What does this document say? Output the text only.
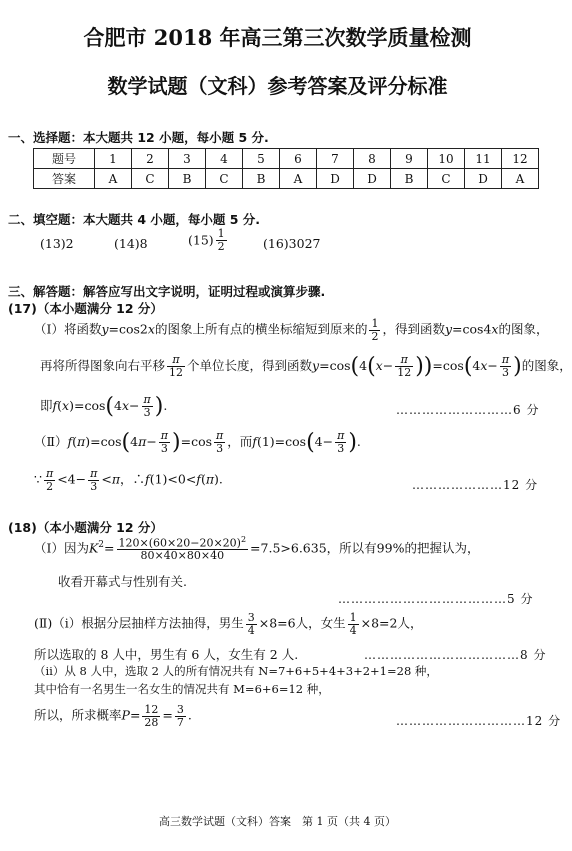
合肥市 2018 年高三第三次数学质量检测
数学试题（文科）参考答案及评分标准
一、选择题：本大题共 12 小题，每小题 5 分.
题号	1	2	3	4	5	6	7	8	9	10	11	12
答案	A	C	B	C	B	A	D	D	B	C	D	A
二、填空题：本大题共 4 小题，每小题 5 分.
(13)2	(14)8	$(15) \frac{1}{2}$	(16)3027
三、解答题：解答应写出文字说明，证明过程或演算步骤.
(17)（本小题满分 12 分）
（Ⅰ）将函数y=cos2x的图象上所有点的横坐标缩短到原来的 $\frac{1}{2}$ ，得到函数y=cos4x的图象，
再将所得图象向右平移 $\frac{\pi}{12}$ 个单位长度，得到函数$y=\cos(4(x- \frac{\pi}{12} ))=\cos(4x- \frac{\pi}{3}$ )的图象，
即$f(x)=\cos(4x- \frac{\pi}{3}$ ).	………………………6 分
（Ⅱ）f(π)=cos(4π− $\frac{\pi}{3} )=\cos \frac{\pi}{3}$ ，而$f(1)=\cos(4- \frac{\pi}{3}$ ).
∵ $\frac{\pi}{2} <4- \frac{\pi}{3} <\pi$，∴f(1)<0<f(π).	…………………12 分
(18)（本小题满分 12 分）
（Ⅰ）因为$K^2= \frac{120\times(60\times 20-20\times 20)^2}{80\times 40\times 80\times 40} =7.5>6.635$，所以有99%的把握认为，
收看开幕式与性别有关.
…………………………………5 分
(Ⅱ)（ⅰ）根据分层抽样方法抽得，男生 $\frac{3}{4} \times 8=6$人，女生 $\frac{1}{4} \times 8=2$人，
所以选取的 8 人中，男生有 6 人，女生有 2 人.	………………………………8 分
（ⅱ）从 8 人中，选取 2 人的所有情况共有 N=7+6+5+4+3+2+1=28 种，
其中恰有一名男生一名女生的情况共有 M=6+6=12 种，
所以，所求概率$P= \frac{12}{28} = \frac{3}{7}$ .	…………………………12 分
高三数学试题（文科）答案　第 1 页（共 4 页）
